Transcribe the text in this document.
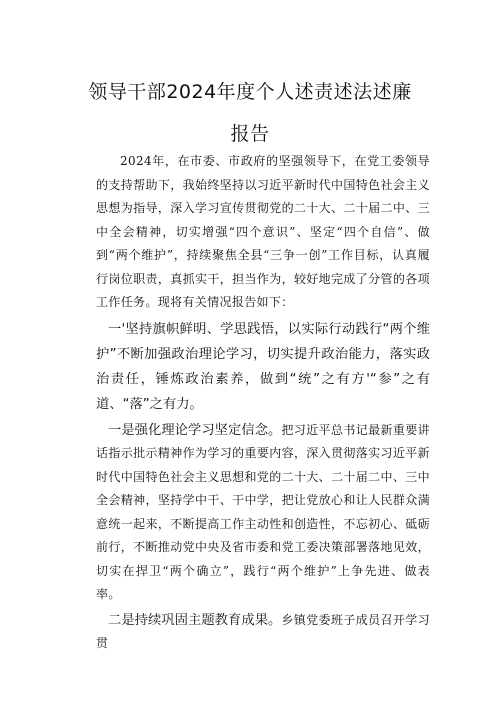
领导干部2024年度个人述责述法述廉
报告

2024年，在市委、市政府的坚强领导下，在党工委领导的支持帮助下，我始终坚持以习近平新时代中国特色社会主义思想为指导，深入学习宣传贯彻党的二十大、二十届二中、三中全会精神，切实增强“四个意识”、坚定“四个自信”、做到“两个维护”，持续聚焦全县“三争一创”工作目标，认真履行岗位职责，真抓实干，担当作为，较好地完成了分管的各项工作任务。现将有关情况报告如下：

一'坚持旗帜鲜明、学思践悟，以实际行动践行“两个维护”不断加强政治理论学习，切实提升政治能力，落实政治责任，锤炼政治素养，做到“统”之有方'“参”之有道、“落”之有力。

一是强化理论学习坚定信念。把习近平总书记最新重要讲话指示批示精神作为学习的重要内容，深入贯彻落实习近平新时代中国特色社会主义思想和党的二十大、二十届二中、三中全会精神，坚持学中干、干中学，把让党放心和让人民群众满意统一起来，不断提高工作主动性和创造性，不忘初心、砥砺前行，不断推动党中央及省市委和党工委决策部署落地见效，切实在捍卫“两个确立”，践行“两个维护”上争先进、做表率。

二是持续巩固主题教育成果。乡镇党委班子成员召开学习贯
